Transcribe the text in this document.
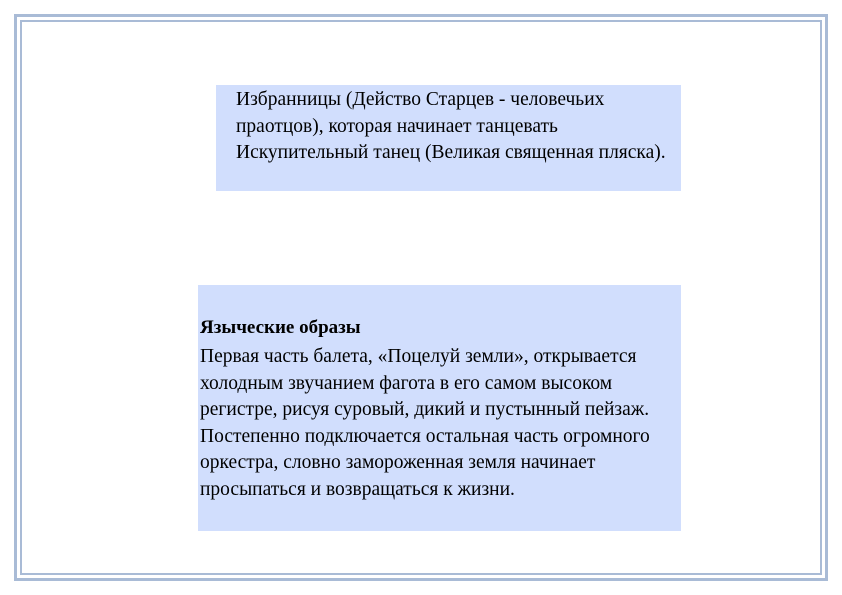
Избранницы (Действо Старцев - человечьих праотцов), которая начинает танцевать Искупительный танец (Великая священная пляска).

Языческие образы

Первая часть балета, «Поцелуй земли», открывается холодным звучанием фагота в его самом высоком регистре, рисуя суровый, дикий и пустынный пейзаж. Постепенно подключается остальная часть огромного оркестра, словно замороженная земля начинает просыпаться и возвращаться к жизни.
